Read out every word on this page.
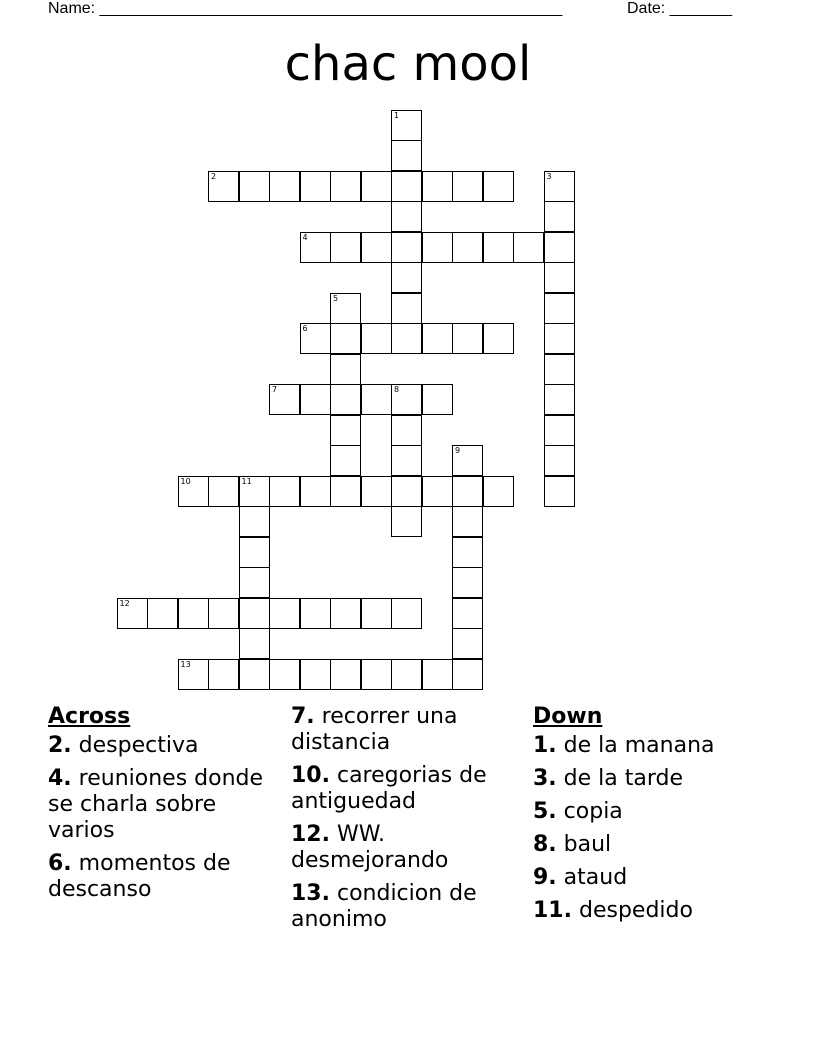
Name: ____________________________________________________	Date: _______
chac mool
1
2	3
4
5
6
7	8
9
10	11
12
13
Across
2. despectiva
4. reuniones donde se charla sobre varios
6. momentos de descanso
7. recorrer una distancia
10. caregorias de antiguedad
12. WW. desmejorando
13. condicion de anonimo
Down
1. de la manana
3. de la tarde
5. copia
8. baul
9. ataud
11. despedido
